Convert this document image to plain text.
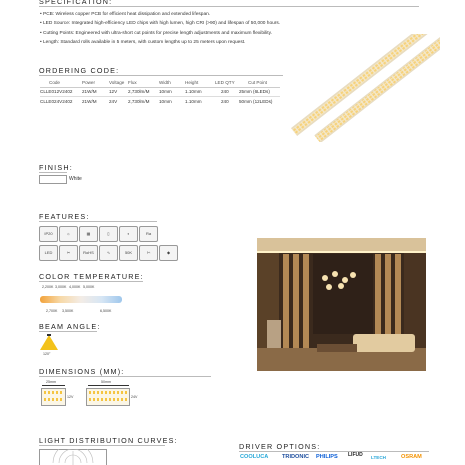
SPECIFICATION:
• PCB: Wireless copper PCB for efficient heat dissipation and extended lifespan.
• LED Source: Integrated high-efficiency LED chips with high lumen, high CRI (>90) and lifespan of 50,000 hours.
• Cutting Points: Engineered with ultra-short cut points for precise length adjustments and maximum flexibility.
• Length: Standard rolls available in 5 meters, with custom lengths up to 25 meters upon request.
ORDERING CODE:
Code	Power	Voltage	Flux	Width	Height	LED QTY	Cut Point
CLLE012V2402	21W/M	12V	2,730lm/M	10mm	1.10mm	240	25mm (6LEDs)
CLLE024V2402	21W/M	24V	2,730lm/M	10mm	1.10mm	240	50mm (12LEDs)
FINISH:
White
FEATURES:
IP20	☼	▦	▯	◐	Ra
LED	✂	RoHS	∿	50K	✄	◆
COLOR TEMPERATURE:
2,200K 3,000K 4,000K 5,000K
2,700K 3,500K	6,500K
BEAM ANGLE:
120°
DIMENSIONS (MM):
25mm
12V
50mm
24V
LIGHT DISTRIBUTION CURVES:
DRIVER OPTIONS:
COOLUCA TRIDONIC PHILIPS LIFUD LTECH	OSRAM
